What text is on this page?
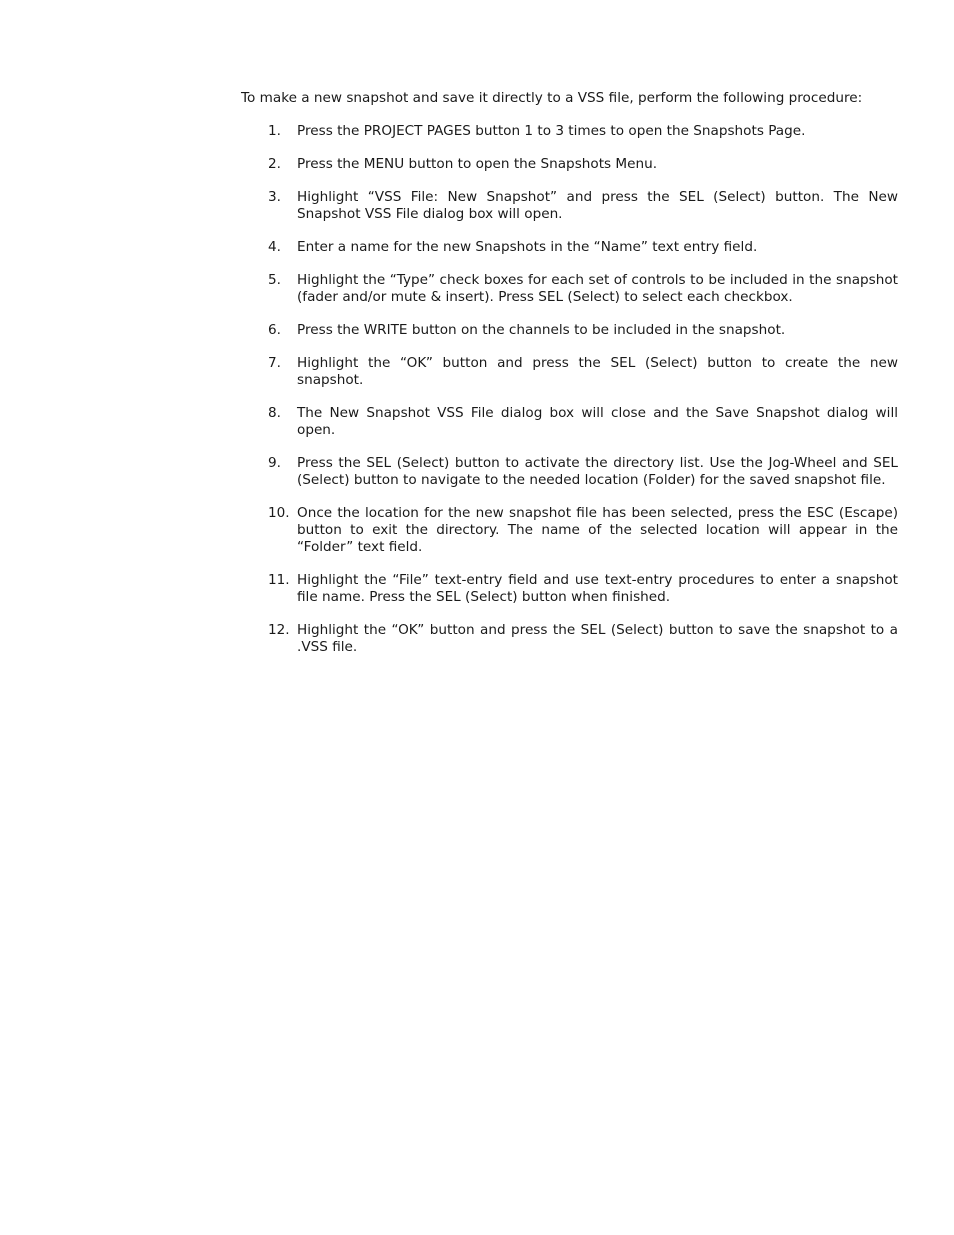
To make a new snapshot and save it directly to a VSS file, perform the following procedure:

1.	Press the PROJECT PAGES button 1 to 3 times to open the Snapshots Page.
2.	Press the MENU button to open the Snapshots Menu.
3.	Highlight “VSS File: New Snapshot” and press the SEL (Select) button. The New Snapshot VSS File dialog box will open.
4.	Enter a name for the new Snapshots in the “Name” text entry field.
5.	Highlight the “Type” check boxes for each set of controls to be included in the snapshot (fader and/or mute & insert). Press SEL (Select) to select each checkbox.
6.	Press the WRITE button on the channels to be included in the snapshot.
7.	Highlight the “OK” button and press the SEL (Select) button to create the new snapshot.
8.	The New Snapshot VSS File dialog box will close and the Save Snapshot dialog will open.
9.	Press the SEL (Select) button to activate the directory list. Use the Jog-Wheel and SEL (Select) button to navigate to the needed location (Folder) for the saved snapshot file.
10. Once the location for the new snapshot file has been selected, press the ESC (Escape) button to exit the directory. The name of the selected location will appear in the “Folder” text field.
11. Highlight the “File” text-entry field and use text-entry procedures to enter a snapshot file name. Press the SEL (Select) button when finished.
12. Highlight the “OK” button and press the SEL (Select) button to save the snapshot to a .VSS file.
